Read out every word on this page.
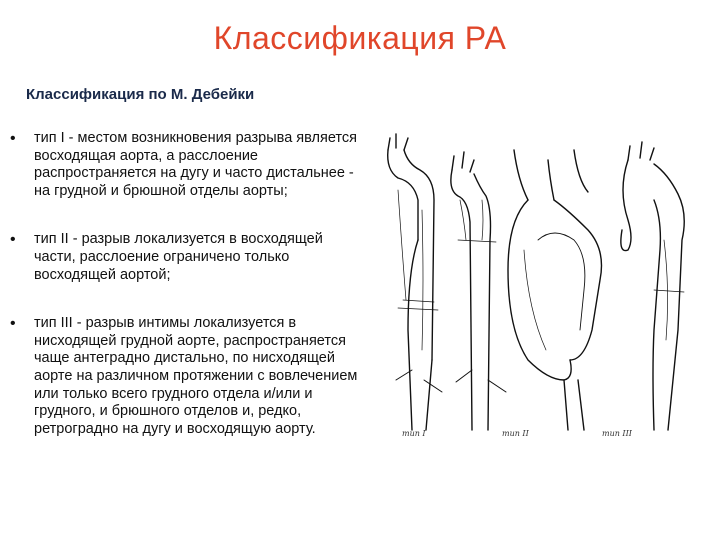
Классификация РА
Классификация по М. Дебейки
• тип I - местом возникновения разрыва является восходящая аорта, а расслоение распространяется на дугу и часто дистальнее - на грудной и брюшной отделы аорты;
• тип II - разрыв локализуется в восходящей части, расслоение ограничено только восходящей аортой;
• тип III - разрыв интимы локализуется в нисходящей грудной аорте, распространяется чаще антеградно дистально, по нисходящей аорте на различном протяжении с вовлечением или только всего грудного отдела и/или и грудного, и брюшного отделов и, редко, ретроградно на дугу и восходящую аорту.	тип I	тип II	тип III
